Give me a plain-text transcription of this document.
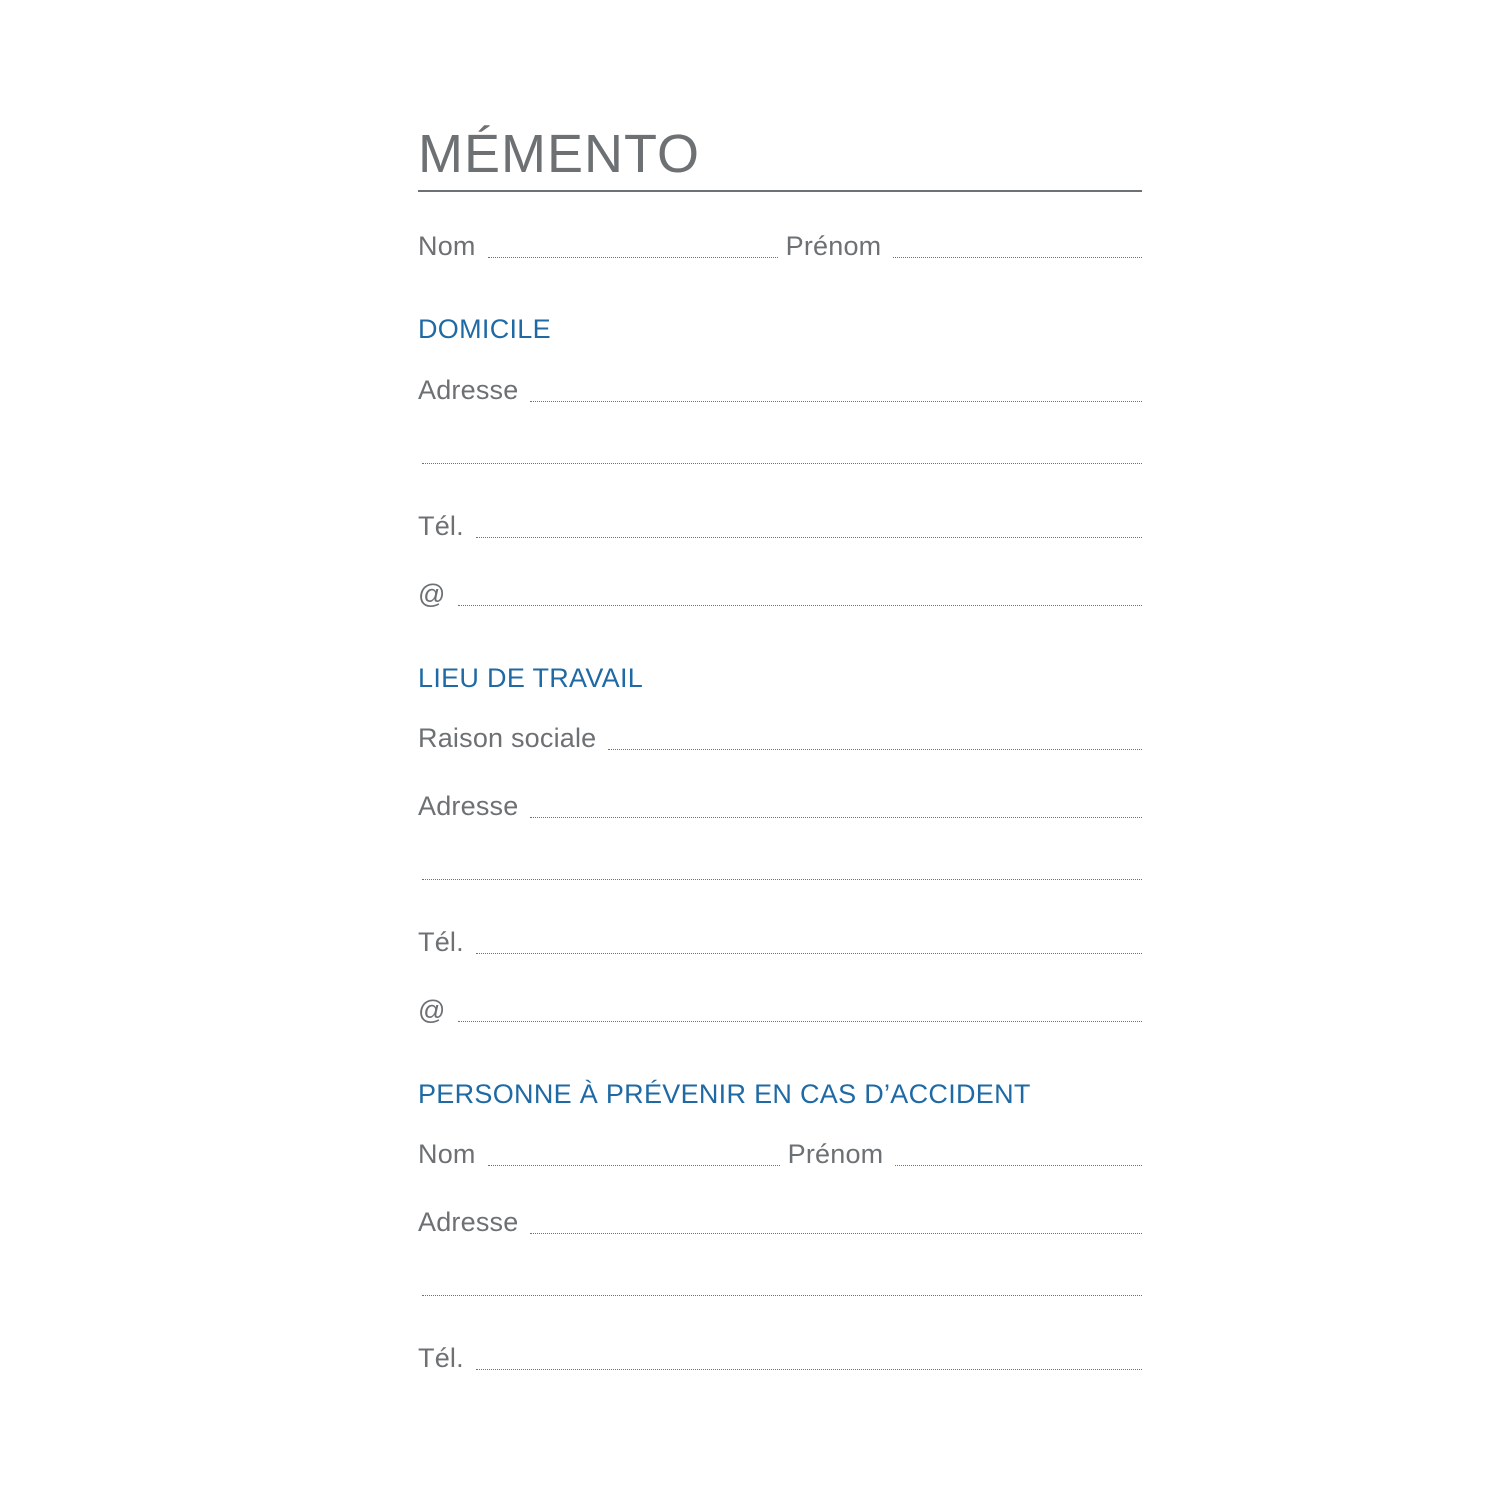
MÉMENTO
Nom	Prénom
DOMICILE
Adresse
Tél.
@
LIEU DE TRAVAIL
Raison sociale
Adresse
Tél.
@
PERSONNE À PRÉVENIR EN CAS D’ACCIDENT
Nom	Prénom
Adresse
Tél.
